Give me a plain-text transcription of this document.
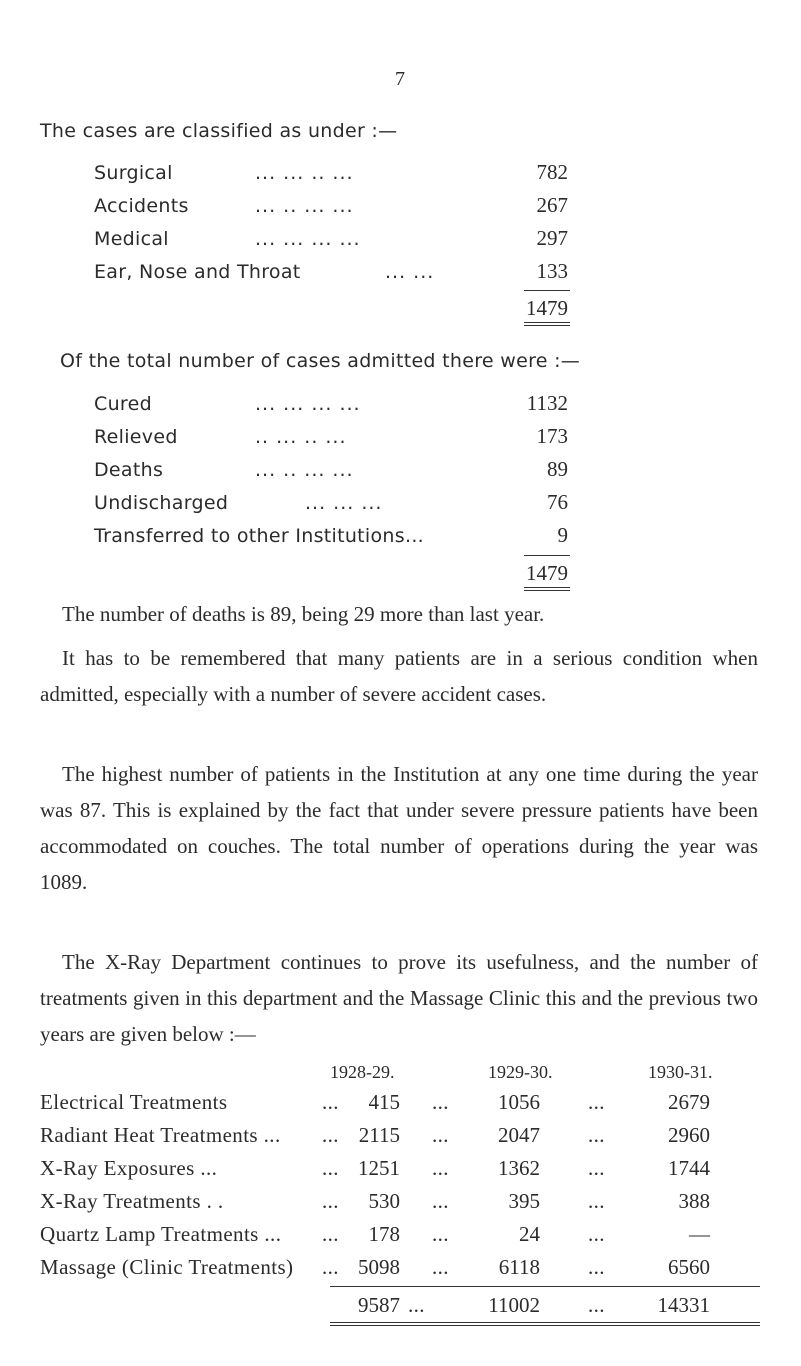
7
The cases are classified as under :—
Surgical	... ... .. ...	782
Accidents	... .. ... ...	267
Medical	... ... ... ...	297
Ear, Nose and Throat	... ...	133
1479
Of the total number of cases admitted there were :—
Cured	... ... ... ...	1132
Relieved	.. ... .. ...	173
Deaths	... .. ... ...	89
Undischarged	... ... ...	76
Transferred to other Institutions...	9
1479
The number of deaths is 89, being 29 more than last year.
It has to be remembered that many patients are in a serious condition when admitted, especially with a number of severe accident cases.
The highest number of patients in the Institution at any one time during the year was 87. This is explained by the fact that under severe pressure patients have been accommodated on couches. The total number of operations during the year was 1089.
The X-Ray Department continues to prove its usefulness, and the number of treatments given in this department and the Massage Clinic this and the previous two years are given below :—
1928-29.	1929-30.	1930-31.
Electrical Treatments	...	415 ...	1056 ...	2679
Radiant Heat Treatments ... ... 2115 ...	2047 ...	2960
X-Ray Exposures ...	... 1251 ...	1362 ...	1744
X-Ray Treatments . .	...	530 ...	395 ...	388
Quartz Lamp Treatments ... ...	178 ...	24 ...	—
Massage (Clinic Treatments) ... 5098 ...	6118 ...	6560
9587 ...	11002 ...	14331
